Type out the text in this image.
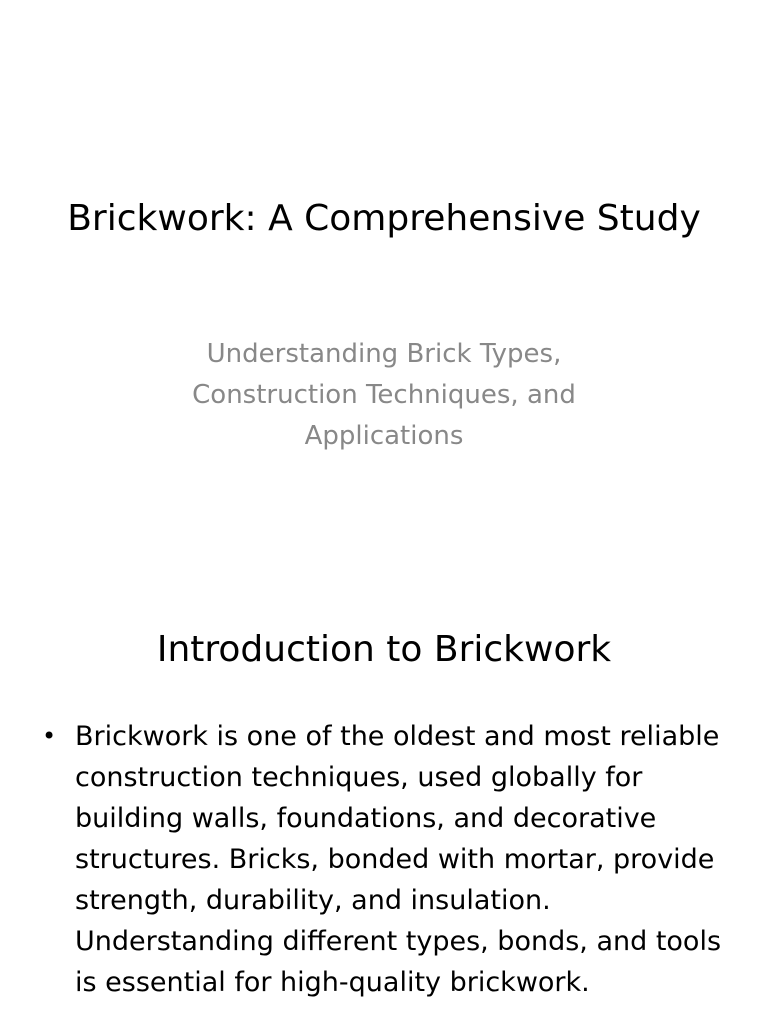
Brickwork: A Comprehensive Study

Understanding Brick Types, Construction Techniques, and Applications

Introduction to Brickwork
• Brickwork is one of the oldest and most reliable construction techniques, used globally for building walls, foundations, and decorative structures. Bricks, bonded with mortar, provide strength, durability, and insulation. Understanding different types, bonds, and tools is essential for high-quality brickwork.
